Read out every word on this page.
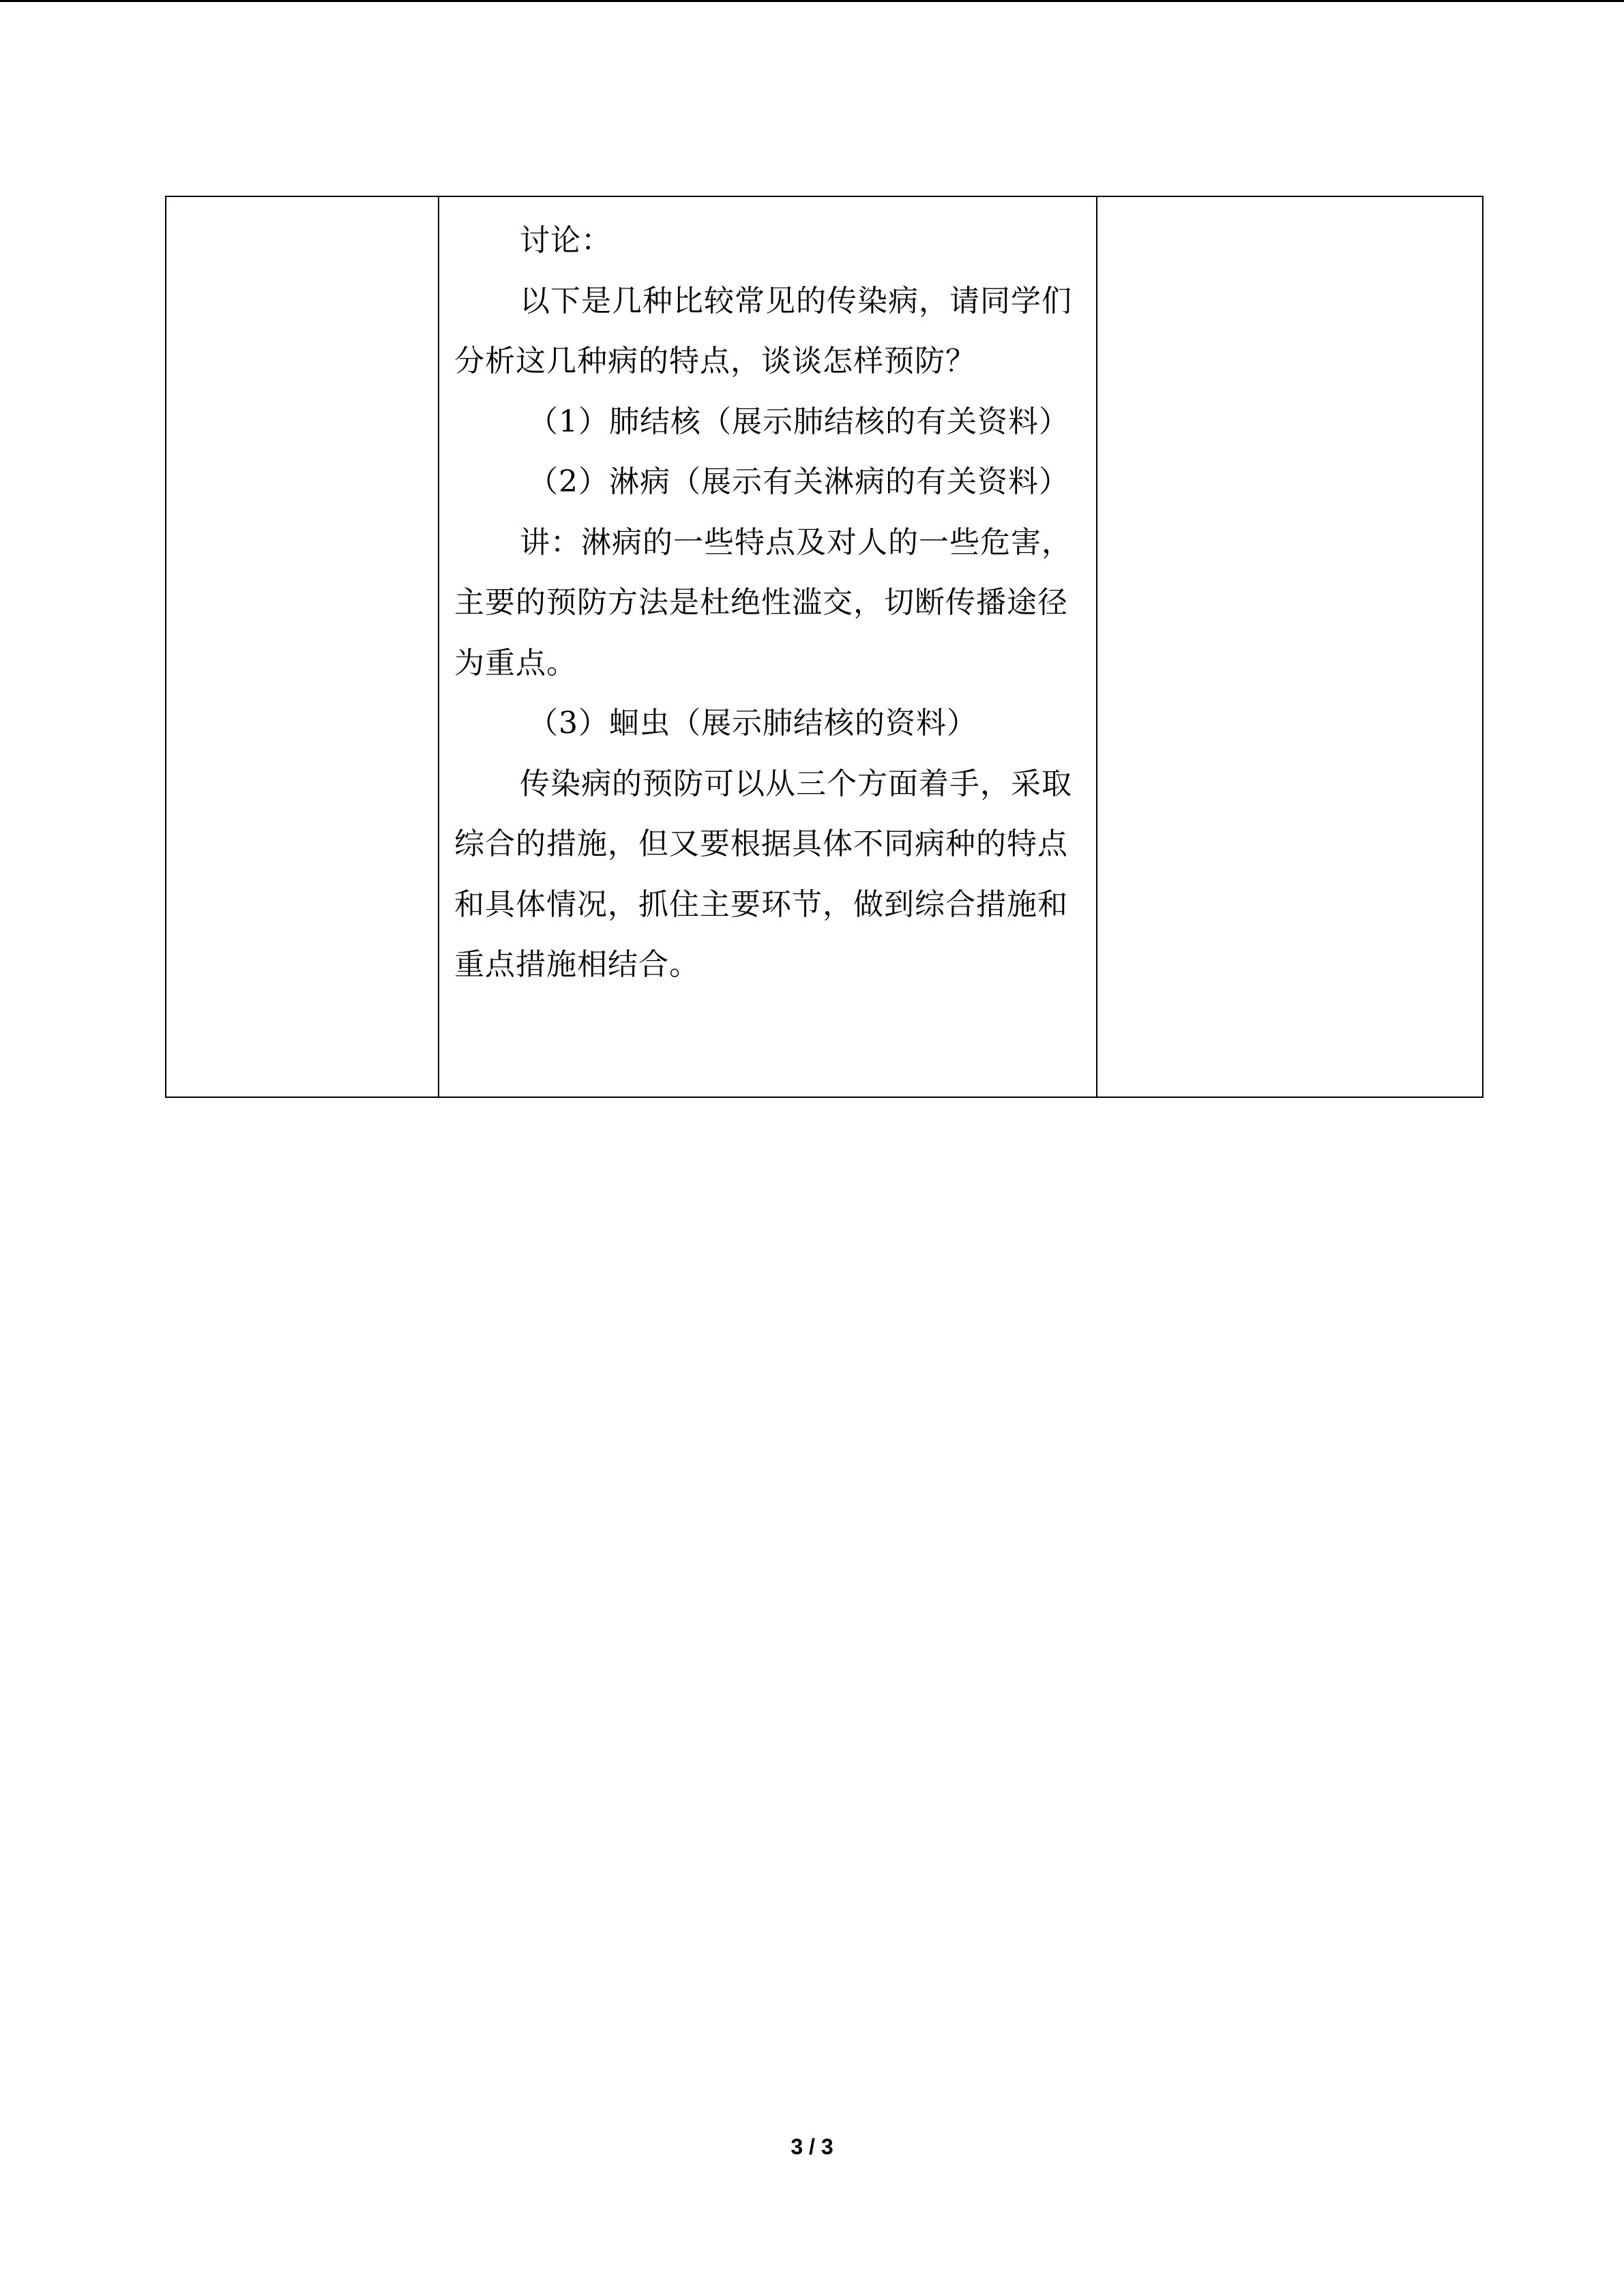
讨论：

以下是几种比较常见的传染病，请同学们分析这几种病的特点，谈谈怎样预防？

（1）肺结核（展示肺结核的有关资料）

（2）淋病（展示有关淋病的有关资料）

讲：淋病的一些特点及对人的一些危害，主要的预防方法是杜绝性滥交，切断传播途径为重点。

（3）蛔虫（展示肺结核的资料）

传染病的预防可以从三个方面着手，采取综合的措施，但又要根据具体不同病种的特点和具体情况，抓住主要环节，做到综合措施和重点措施相结合。

3 / 3
